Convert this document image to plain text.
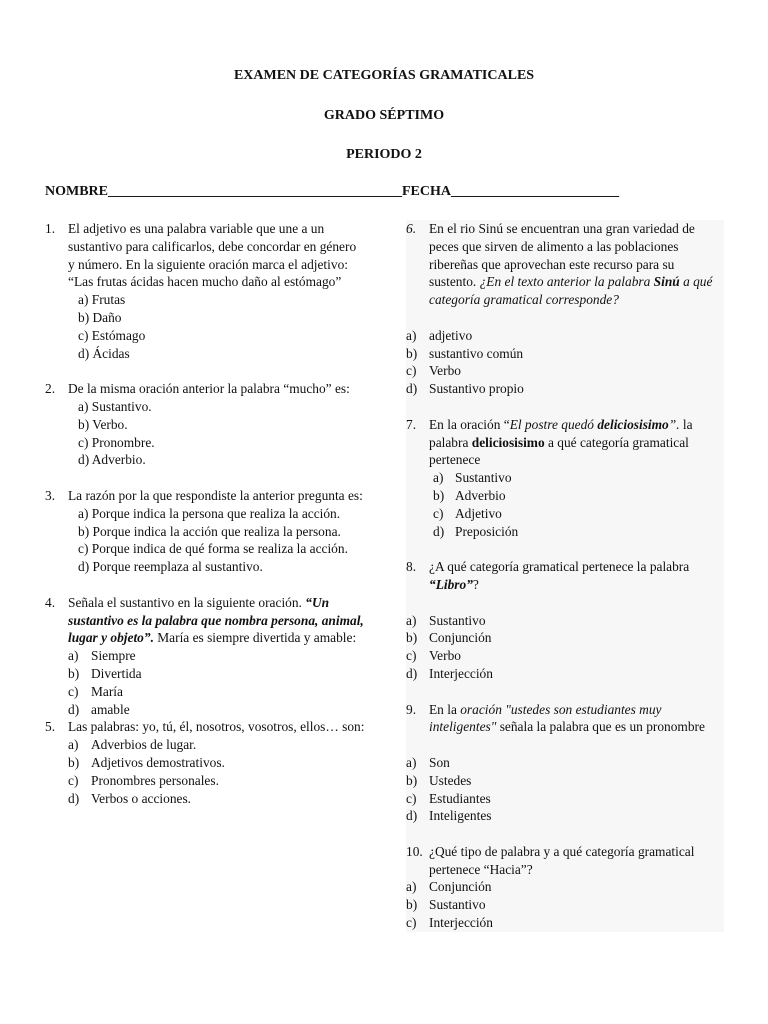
EXAMEN DE CATEGORÍAS GRAMATICALES
GRADO SÉPTIMO
PERIODO 2
NOMBRE__________________________________________FECHA________________________
1. El adjetivo es una palabra variable que une a un sustantivo para calificarlos, debe concordar en género y número. En la siguiente oración marca el adjetivo: “Las frutas ácidas hacen mucho daño al estómago”
a) Frutas
b) Daño
c) Estómago
d) Ácidas
2. De la misma oración anterior la palabra “mucho” es:
a) Sustantivo.
b) Verbo.
c) Pronombre.
d) Adverbio.
3. La razón por la que respondiste la anterior pregunta es:
a) Porque indica la persona que realiza la acción.
b) Porque indica la acción que realiza la persona.
c) Porque indica de qué forma se realiza la acción.
d) Porque reemplaza al sustantivo.
4. Señala el sustantivo en la siguiente oración. “Un sustantivo es la palabra que nombra persona, animal, lugar y objeto”. María es siempre divertida y amable:
a) Siempre
b) Divertida
c) María
d) amable
5. Las palabras: yo, tú, él, nosotros, vosotros, ellos… son:
a) Adverbios de lugar.
b) Adjetivos demostrativos.
c) Pronombres personales.
d) Verbos o acciones.
6. En el rio Sinú se encuentran una gran variedad de peces que sirven de alimento a las poblaciones ribereñas que aprovechan este recurso para su sustento. ¿En el texto anterior la palabra Sinú a qué categoría gramatical corresponde?
a) adjetivo
b) sustantivo común
c) Verbo
d) Sustantivo propio
7. En la oración “El postre quedó deliciosisimo”. la palabra deliciosisimo a qué categoría gramatical pertenece
a) Sustantivo
b) Adverbio
c) Adjetivo
d) Preposición
8. ¿A qué categoría gramatical pertenece la palabra “Libro”?
a) Sustantivo
b) Conjunción
c) Verbo
d) Interjección
9. En la oración "ustedes son estudiantes muy inteligentes" señala la palabra que es un pronombre
a) Son
b) Ustedes
c) Estudiantes
d) Inteligentes
10. ¿Qué tipo de palabra y a qué categoría gramatical pertenece “Hacia”?
a) Conjunción
b) Sustantivo
c) Interjección
